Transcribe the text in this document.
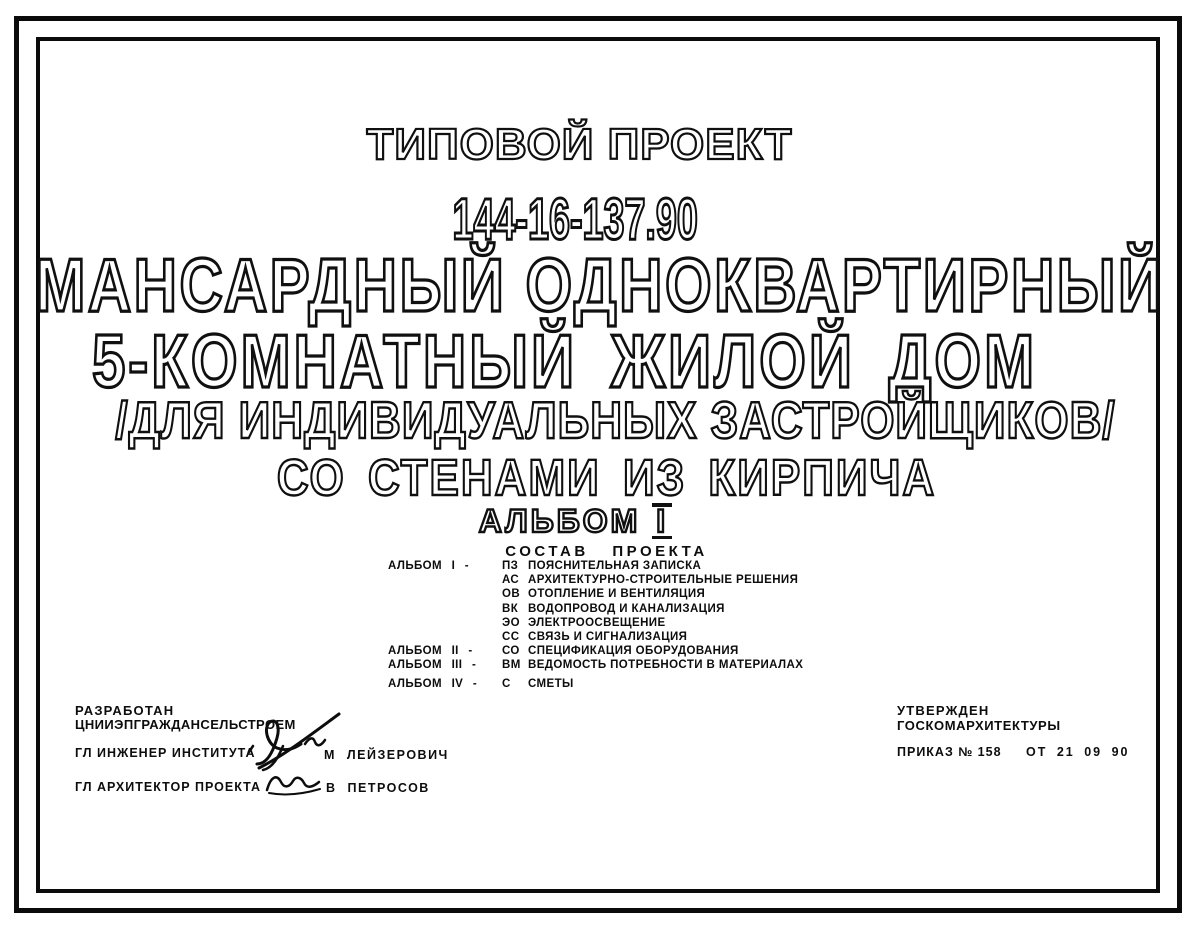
ТИПОВОЙ ПРОЕКТ
144-16-137.90
МАНСАРДНЫЙ ОДНОКВАРТИРНЫЙ
5-КОМНАТНЫЙ ЖИЛОЙ ДОМ
/ДЛЯ ИНДИВИДУАЛЬНЫХ ЗАСТРОЙЩИКОВ/
СО СТЕНАМИ ИЗ КИРПИЧА
АЛЬБОМ I
СОСТАВ ПРОЕКТА
АЛЬБОМ I -	ПЗ ПОЯСНИТЕЛЬНАЯ ЗАПИСКА
АС АРХИТЕКТУРНО-СТРОИТЕЛЬНЫЕ РЕШЕНИЯ
ОВ ОТОПЛЕНИЕ И ВЕНТИЛЯЦИЯ
ВК ВОДОПРОВОД И КАНАЛИЗАЦИЯ
ЭО ЭЛЕКТРООСВЕЩЕНИЕ
СС СВЯЗЬ И СИГНАЛИЗАЦИЯ
АЛЬБОМ II -	СО СПЕЦИФИКАЦИЯ ОБОРУДОВАНИЯ
АЛЬБОМ III -	ВМ ВЕДОМОСТЬ ПОТРЕБНОСТИ В МАТЕРИАЛАХ
АЛЬБОМ IV -	С	СМЕТЫ
РАЗРАБОТАН
ЦНИИЭПГРАЖДАНСЕЛЬСТРОЕМ
ГЛ ИНЖЕНЕР ИНСТИТУТА	М ЛЕЙЗЕРОВИЧ
ГЛ АРХИТЕКТОР ПРОЕКТА	В ПЕТРОСОВ
УТВЕРЖДЕН
ГОСКОМАРХИТЕКТУРЫ
ПРИКАЗ № 158 ОТ 21 09 90
